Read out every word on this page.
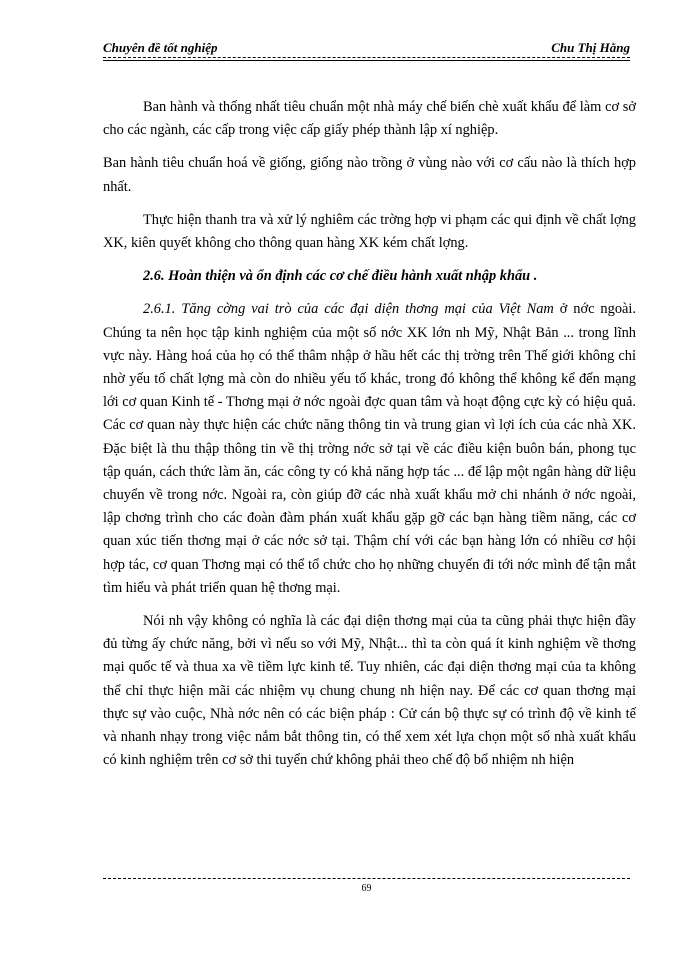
Chuyên đề tốt nghiệp	Chu Thị Hằng

Ban hành và thống nhất tiêu chuẩn một nhà máy chế biến chè xuất khẩu để làm cơ sở cho các ngành, các cấp trong việc cấp giấy phép thành lập xí nghiệp.

Ban hành tiêu chuẩn hoá về giống, giống nào trồng ở vùng nào với cơ cấu nào là thích hợp nhất.

Thực hiện thanh tra và xử lý nghiêm các trờng hợp vi phạm các qui định về chất lợng XK, kiên quyết không cho thông quan hàng XK kém chất lợng.

2.6. Hoàn thiện và ổn định các cơ chế điều hành xuất nhập khẩu .

2.6.1. Tăng cờng vai trò của các đại diện thơng mại của Việt Nam ở nớc ngoài. Chúng ta nên học tập kinh nghiệm của một số nớc XK lớn nh Mỹ, Nhật Bản ... trong lĩnh vực này. Hàng hoá của họ có thể thâm nhập ở hầu hết các thị trờng trên Thế giới không chỉ nhờ yếu tố chất lợng mà còn do nhiều yếu tố khác, trong đó không thể không kể đến mạng lới cơ quan Kinh tế - Thơng mại ở nớc ngoài đợc quan tâm và hoạt động cực kỳ có hiệu quả. Các cơ quan này thực hiện các chức năng thông tin và trung gian vì lợi ích của các nhà XK. Đặc biệt là thu thập thông tin về thị trờng nớc sở tại về các điều kiện buôn bán, phong tục tập quán, cách thức làm ăn, các công ty có khả năng hợp tác ... để lập một ngân hàng dữ liệu chuyển về trong nớc. Ngoài ra, còn giúp đỡ các nhà xuất khẩu mở chi nhánh ở nớc ngoài, lập chơng trình cho các đoàn đàm phán xuất khẩu gặp gỡ các bạn hàng tiềm năng, các cơ quan xúc tiến thơng mại ở các nớc sở tại. Thậm chí với các bạn hàng lớn có nhiều cơ hội hợp tác, cơ quan Thơng mại có thể tổ chức cho họ những chuyến đi tới nớc mình để tận mắt tìm hiểu và phát triển quan hệ thơng mại.

Nói nh vậy không có nghĩa là các đại diện thơng mại của ta cũng phải thực hiện đầy đủ từng ấy chức năng, bởi vì nếu so với Mỹ, Nhật... thì ta còn quá ít kinh nghiệm về thơng mại quốc tế và thua xa về tiềm lực kinh tế. Tuy nhiên, các đại diện thơng mại của ta không thể chỉ thực hiện mãi các nhiệm vụ chung chung nh hiện nay. Để các cơ quan thơng mại thực sự vào cuộc, Nhà nớc nên có các biện pháp : Cử cán bộ thực sự có trình độ về kinh tế và nhanh nhạy trong việc nắm bắt thông tin, có thể xem xét lựa chọn một số nhà xuất khẩu có kinh nghiệm trên cơ sở thi tuyển chứ không phải theo chế độ bổ nhiệm nh hiện

69
